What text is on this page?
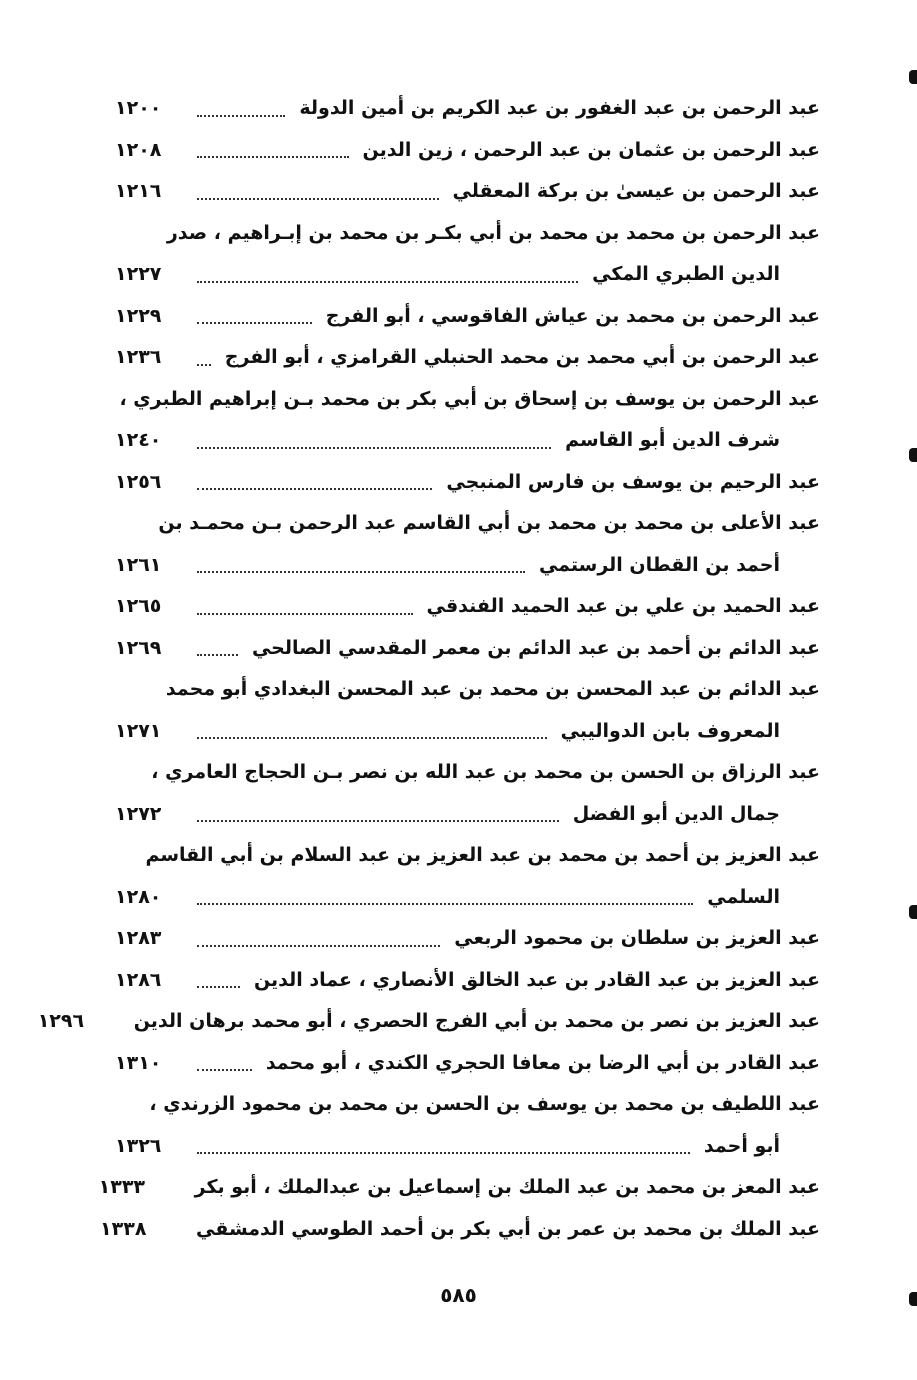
عبد الرحمن بن عبد الغفور بن عبد الكريم بن أمين الدولة
١٢٠٠
عبد الرحمن بن عثمان بن عبد الرحمن ، زين الدين
١٢٠٨
عبد الرحمن بن عيسىٰ بن بركة المعقلي
١٢١٦
عبد الرحمن بن محمد بن محمد بن أبي بكـر بن محمد بن إبـراهيم ، صدر
الدين الطبري المكي
١٢٢٧
عبد الرحمن بن محمد بن عياش الفاقوسي ، أبو الفرج
١٢٢٩
عبد الرحمن بن أبي محمد بن محمد الحنبلي القرامزي ، أبو الفرج
١٢٣٦
عبد الرحمن بن يوسف بن إسحاق بن أبي بكر بن محمد بـن إبراهيم الطبري ،
شرف الدين أبو القاسم
١٢٤٠
عبد الرحيم بن يوسف بن فارس المنبجي
١٢٥٦
عبد الأعلى بن محمد بن محمد بن أبي القاسم عبد الرحمن بـن محمـد بن
أحمد بن القطان الرستمي
١٢٦١
عبد الحميد بن علي بن عبد الحميد الفندقي
١٢٦٥
عبد الدائم بن أحمد بن عبد الدائم بن معمر المقدسي الصالحي
١٢٦٩
عبد الدائم بن عبد المحسن بن محمد بن عبد المحسن البغدادي أبو محمد
المعروف بابن الدواليبي
١٢٧١
عبد الرزاق بن الحسن بن محمد بن عبد الله بن نصر بـن الحجاج العامري ،
جمال الدين أبو الفضل
١٢٧٢
عبد العزيز بن أحمد بن محمد بن عبد العزيز بن عبد السلام بن أبي القاسم
السلمي
١٢٨٠
عبد العزيز بن سلطان بن محمود الربعي
١٢٨٣
عبد العزيز بن عبد القادر بن عبد الخالق الأنصاري ، عماد الدين
١٢٨٦
عبد العزيز بن نصر بن محمد بن أبي الفرج الحصري ، أبو محمد برهان الدين
١٢٩٦
عبد القادر بن أبي الرضا بن معافا الحجري الكندي ، أبو محمد
١٣١٠
عبد اللطيف بن محمد بن يوسف بن الحسن بن محمد بن محمود الزرندي ،
أبو أحمد
١٣٢٦
عبد المعز بن محمد بن عبد الملك بن إسماعيل بن عبدالملك ، أبو بكر
١٣٣٣
عبد الملك بن محمد بن عمر بن أبي بكر بن أحمد الطوسي الدمشقي
١٣٣٨
٥٨٥
